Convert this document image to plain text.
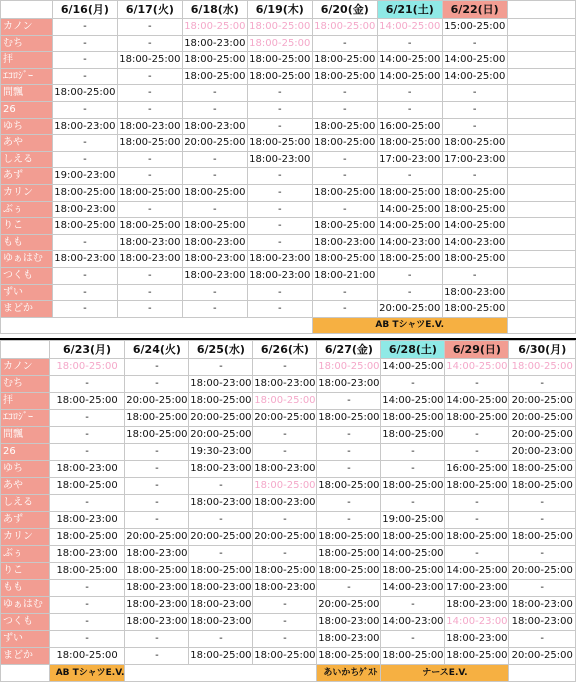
	6/16(月)	6/17(火)	6/18(水)	6/19(木)	6/20(金)	6/21(土)	6/22(日)	
カノン	-	-	18:00-25:00	18:00-25:00	18:00-25:00	14:00-25:00	15:00-25:00	
むち	-	-	18:00-23:00	18:00-25:00	-	-	-	
拝	-	18:00-25:00	18:00-25:00	18:00-25:00	18:00-25:00	14:00-25:00	14:00-25:00	
ｴｺﾛｼﾞｰ	-	-	18:00-25:00	18:00-25:00	18:00-25:00	14:00-25:00	14:00-25:00	
間飄	18:00-25:00	-	-	-	-	-	-	
26	-	-	-	-	-	-	-	
ゆち	18:00-23:00	18:00-23:00	18:00-23:00	-	18:00-25:00	16:00-25:00	-	
あや	-	18:00-25:00	20:00-25:00	18:00-25:00	18:00-25:00	18:00-25:00	18:00-25:00	
しえる	-	-	-	18:00-23:00	-	17:00-23:00	17:00-23:00	
あず	19:00-23:00	-	-	-	-	-	-	
カリン	18:00-25:00	18:00-25:00	18:00-25:00	-	18:00-25:00	18:00-25:00	18:00-25:00	
ぶぅ	18:00-23:00	-	-	-	-	14:00-25:00	18:00-25:00	
りこ	18:00-25:00	18:00-25:00	18:00-25:00	-	18:00-25:00	14:00-25:00	14:00-25:00	
もも	-	18:00-23:00	18:00-23:00	-	18:00-23:00	14:00-23:00	14:00-23:00	
ゆぁはむ	18:00-23:00	18:00-23:00	18:00-23:00	18:00-23:00	18:00-25:00	18:00-25:00	18:00-25:00	
つくも	-	-	18:00-23:00	18:00-23:00	18:00-21:00	-	-	
ずい	-	-	-	-	-	-	18:00-23:00	
まどか	-	-	-	-	-	20:00-25:00	18:00-25:00	
					AB TシャツE.V.			
	6/23(月)	6/24(火)	6/25(水)	6/26(木)	6/27(金)	6/28(土)	6/29(日)	6/30(月)
カノン	18:00-25:00	-	-	-	18:00-25:00	14:00-25:00	14:00-25:00	18:00-25:00
むち	-	-	18:00-23:00	18:00-23:00	18:00-23:00	-	-	-
拝	18:00-25:00	20:00-25:00	18:00-25:00	18:00-25:00	-	14:00-25:00	14:00-25:00	20:00-25:00
ｴｺﾛｼﾞｰ	-	18:00-25:00	20:00-25:00	20:00-25:00	18:00-25:00	18:00-25:00	18:00-25:00	20:00-25:00
間飄	-	18:00-25:00	20:00-25:00	-	-	18:00-25:00	-	20:00-25:00
26	-	-	19:30-23:00	-	-	-	-	20:00-23:00
ゆち	18:00-23:00	-	18:00-23:00	18:00-23:00	-	-	16:00-25:00	18:00-25:00
あや	18:00-25:00	-	-	18:00-25:00	18:00-25:00	18:00-25:00	18:00-25:00	18:00-25:00
しえる	-	-	18:00-23:00	18:00-23:00	-	-	-	-
あず	18:00-23:00	-	-	-	-	19:00-25:00	-	-
カリン	18:00-25:00	20:00-25:00	20:00-25:00	20:00-25:00	18:00-25:00	18:00-25:00	18:00-25:00	18:00-25:00
ぶぅ	18:00-23:00	18:00-23:00	-	-	18:00-25:00	14:00-25:00	-	-
りこ	18:00-25:00	18:00-25:00	18:00-25:00	18:00-25:00	18:00-25:00	18:00-25:00	14:00-25:00	20:00-25:00
もも	-	18:00-23:00	18:00-23:00	18:00-23:00	-	14:00-23:00	17:00-23:00	-
ゆぁはむ	-	18:00-23:00	18:00-23:00	-	20:00-25:00	-	18:00-23:00	18:00-23:00
つくも	-	18:00-23:00	18:00-23:00	-	18:00-23:00	14:00-23:00	14:00-23:00	18:00-23:00
ずい	-	-	-	-	18:00-23:00	-	18:00-23:00	-
まどか	18:00-25:00	-	18:00-25:00	18:00-25:00	18:00-25:00	18:00-25:00	18:00-25:00	20:00-25:00
	AB TシャツE.V.				あいかちｹﾞｽﾄ	ナースE.V.		
